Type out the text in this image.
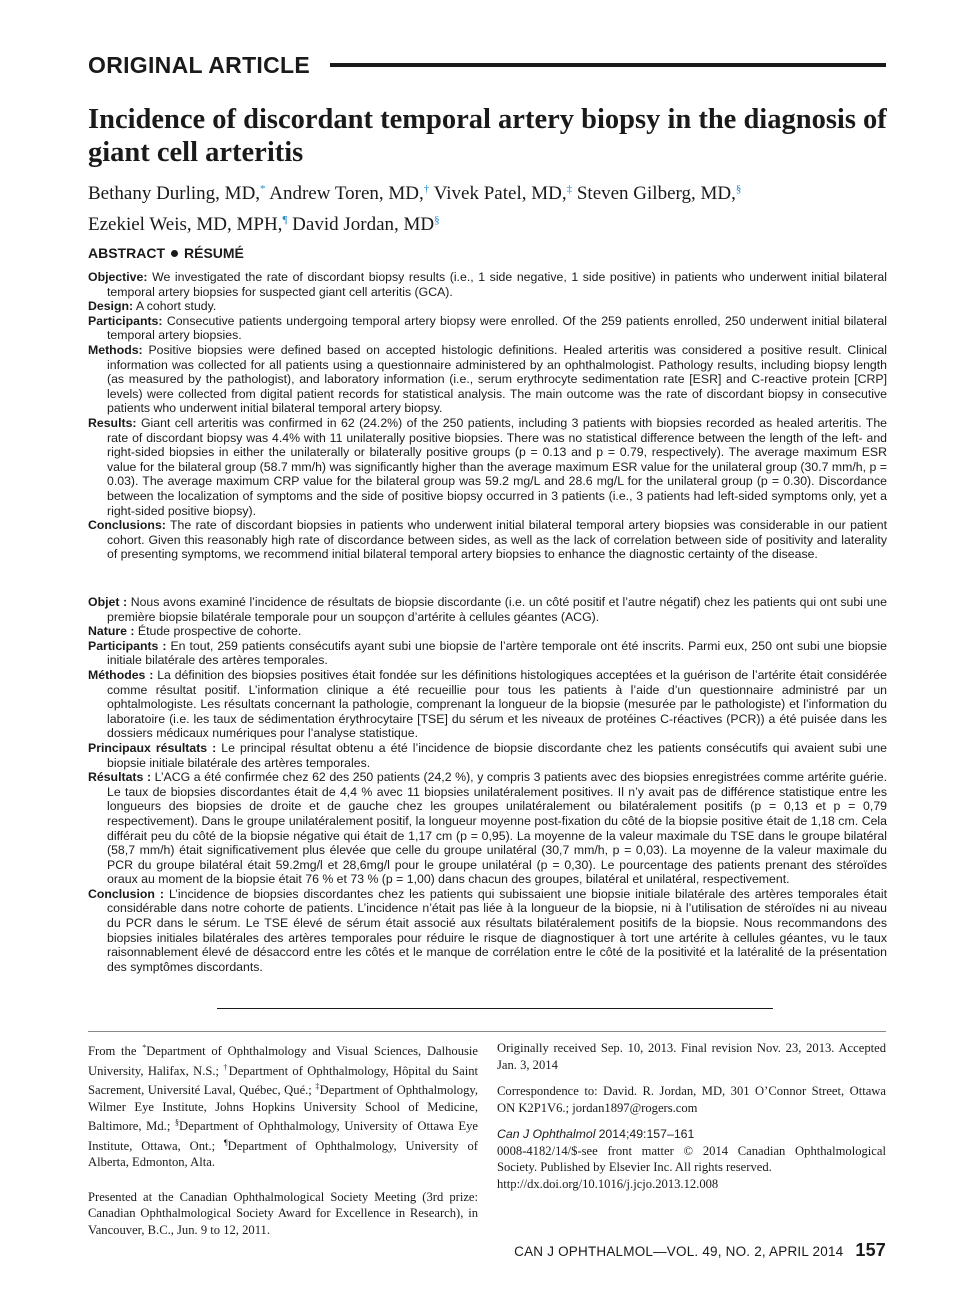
ORIGINAL ARTICLE
Incidence of discordant temporal artery biopsy in the diagnosis of giant cell arteritis
Bethany Durling, MD,* Andrew Toren, MD,† Vivek Patel, MD,‡ Steven Gilberg, MD,§
Ezekiel Weis, MD, MPH,¶ David Jordan, MD§
ABSTRACT RÉSUMÉ

Objective: We investigated the rate of discordant biopsy results (i.e., 1 side negative, 1 side positive) in patients who underwent initial bilateral temporal artery biopsies for suspected giant cell arteritis (GCA).

Design: A cohort study.

Participants: Consecutive patients undergoing temporal artery biopsy were enrolled. Of the 259 patients enrolled, 250 underwent initial bilateral temporal artery biopsies.

Methods: Positive biopsies were defined based on accepted histologic definitions. Healed arteritis was considered a positive result. Clinical information was collected for all patients using a questionnaire administered by an ophthalmologist. Pathology results, including biopsy length (as measured by the pathologist), and laboratory information (i.e., serum erythrocyte sedimentation rate [ESR] and C-reactive protein [CRP] levels) were collected from digital patient records for statistical analysis. The main outcome was the rate of discordant biopsy in consecutive patients who underwent initial bilateral temporal artery biopsy.

Results: Giant cell arteritis was confirmed in 62 (24.2%) of the 250 patients, including 3 patients with biopsies recorded as healed arteritis. The rate of discordant biopsy was 4.4% with 11 unilaterally positive biopsies. There was no statistical difference between the length of the left- and right-sided biopsies in either the unilaterally or bilaterally positive groups (p = 0.13 and p = 0.79, respectively). The average maximum ESR value for the bilateral group (58.7 mm/h) was significantly higher than the average maximum ESR value for the unilateral group (30.7 mm/h, p = 0.03). The average maximum CRP value for the bilateral group was 59.2 mg/L and 28.6 mg/L for the unilateral group (p = 0.30). Discordance between the localization of symptoms and the side of positive biopsy occurred in 3 patients (i.e., 3 patients had left-sided symptoms only, yet a right-sided positive biopsy).

Conclusions: The rate of discordant biopsies in patients who underwent initial bilateral temporal artery biopsies was considerable in our patient cohort. Given this reasonably high rate of discordance between sides, as well as the lack of correlation between side of positivity and laterality of presenting symptoms, we recommend initial bilateral temporal artery biopsies to enhance the diagnostic certainty of the disease.

Objet : Nous avons examiné l’incidence de résultats de biopsie discordante (i.e. un côté positif et l’autre négatif) chez les patients qui ont subi une première biopsie bilatérale temporale pour un soupçon d’artérite à cellules géantes (ACG).

Nature : Étude prospective de cohorte.

Participants : En tout, 259 patients consécutifs ayant subi une biopsie de l’artère temporale ont été inscrits. Parmi eux, 250 ont subi une biopsie initiale bilatérale des artères temporales.

Méthodes : La définition des biopsies positives était fondée sur les définitions histologiques acceptées et la guérison de l’artérite était considérée comme résultat positif. L’information clinique a été recueillie pour tous les patients à l’aide d’un questionnaire administré par un ophtalmologiste. Les résultats concernant la pathologie, comprenant la longueur de la biopsie (mesurée par le pathologiste) et l’information du laboratoire (i.e. les taux de sédimentation érythrocytaire [TSE] du sérum et les niveaux de protéines C-réactives (PCR)) a été puisée dans les dossiers médicaux numériques pour l’analyse statistique.

Principaux résultats : Le principal résultat obtenu a été l’incidence de biopsie discordante chez les patients consécutifs qui avaient subi une biopsie initiale bilatérale des artères temporales.

Résultats : L’ACG a été confirmée chez 62 des 250 patients (24,2 %), y compris 3 patients avec des biopsies enregistrées comme artérite guérie. Le taux de biopsies discordantes était de 4,4 % avec 11 biopsies unilatéralement positives. Il n’y avait pas de différence statistique entre les longueurs des biopsies de droite et de gauche chez les groupes unilatéralement ou bilatéralement positifs (p = 0,13 et p = 0,79 respectivement). Dans le groupe unilatéralement positif, la longueur moyenne post-fixation du côté de la biopsie positive était de 1,18 cm. Cela différait peu du côté de la biopsie négative qui était de 1,17 cm (p = 0,95). La moyenne de la valeur maximale du TSE dans le groupe bilatéral (58,7 mm/h) était significativement plus élevée que celle du groupe unilatéral (30,7 mm/h, p = 0,03). La moyenne de la valeur maximale du PCR du groupe bilatéral était 59.2mg/l et 28,6mg/l pour le groupe unilatéral (p = 0,30). Le pourcentage des patients prenant des stéroïdes oraux au moment de la biopsie était 76 % et 73 % (p = 1,00) dans chacun des groupes, bilatéral et unilatéral, respectivement.

Conclusion : L’incidence de biopsies discordantes chez les patients qui subissaient une biopsie initiale bilatérale des artères temporales était considérable dans notre cohorte de patients. L’incidence n’était pas liée à la longueur de la biopsie, ni à l’utilisation de stéroïdes ni au niveau du PCR dans le sérum. Le TSE élevé de sérum était associé aux résultats bilatéralement positifs de la biopsie. Nous recommandons des biopsies initiales bilatérales des artères temporales pour réduire le risque de diagnostiquer à tort une artérite à cellules géantes, vu le taux raisonnablement élevé de désaccord entre les côtés et le manque de corrélation entre le côté de la positivité et la latéralité de la présentation des symptômes discordants.

From the *Department of Ophthalmology and Visual Sciences, Dalhousie University, Halifax, N.S.; †Department of Ophthalmology, Hôpital du Saint Sacrement, Université Laval, Québec, Qué.; ‡Department of Ophthalmology, Wilmer Eye Institute, Johns Hopkins University School of Medicine, Baltimore, Md.; §Department of Ophthalmology, University of Ottawa Eye Institute, Ottawa, Ont.; ¶Department of Ophthalmology, University of Alberta, Edmonton, Alta.

Presented at the Canadian Ophthalmological Society Meeting (3rd prize: Canadian Ophthalmological Society Award for Excellence in Research), in Vancouver, B.C., Jun. 9 to 12, 2011.

Originally received Sep. 10, 2013. Final revision Nov. 23, 2013. Accepted Jan. 3, 2014

Correspondence to: David. R. Jordan, MD, 301 O’Connor Street, Ottawa ON K2P1V6.; jordan1897@rogers.com

Can J Ophthalmol 2014;49:157–161

0008-4182/14/$-see front matter © 2014 Canadian Ophthalmological Society. Published by Elsevier Inc. All rights reserved.

http://dx.doi.org/10.1016/j.jcjo.2013.12.008

CAN J OPHTHALMOL—VOL. 49, NO. 2, APRIL 2014 157
